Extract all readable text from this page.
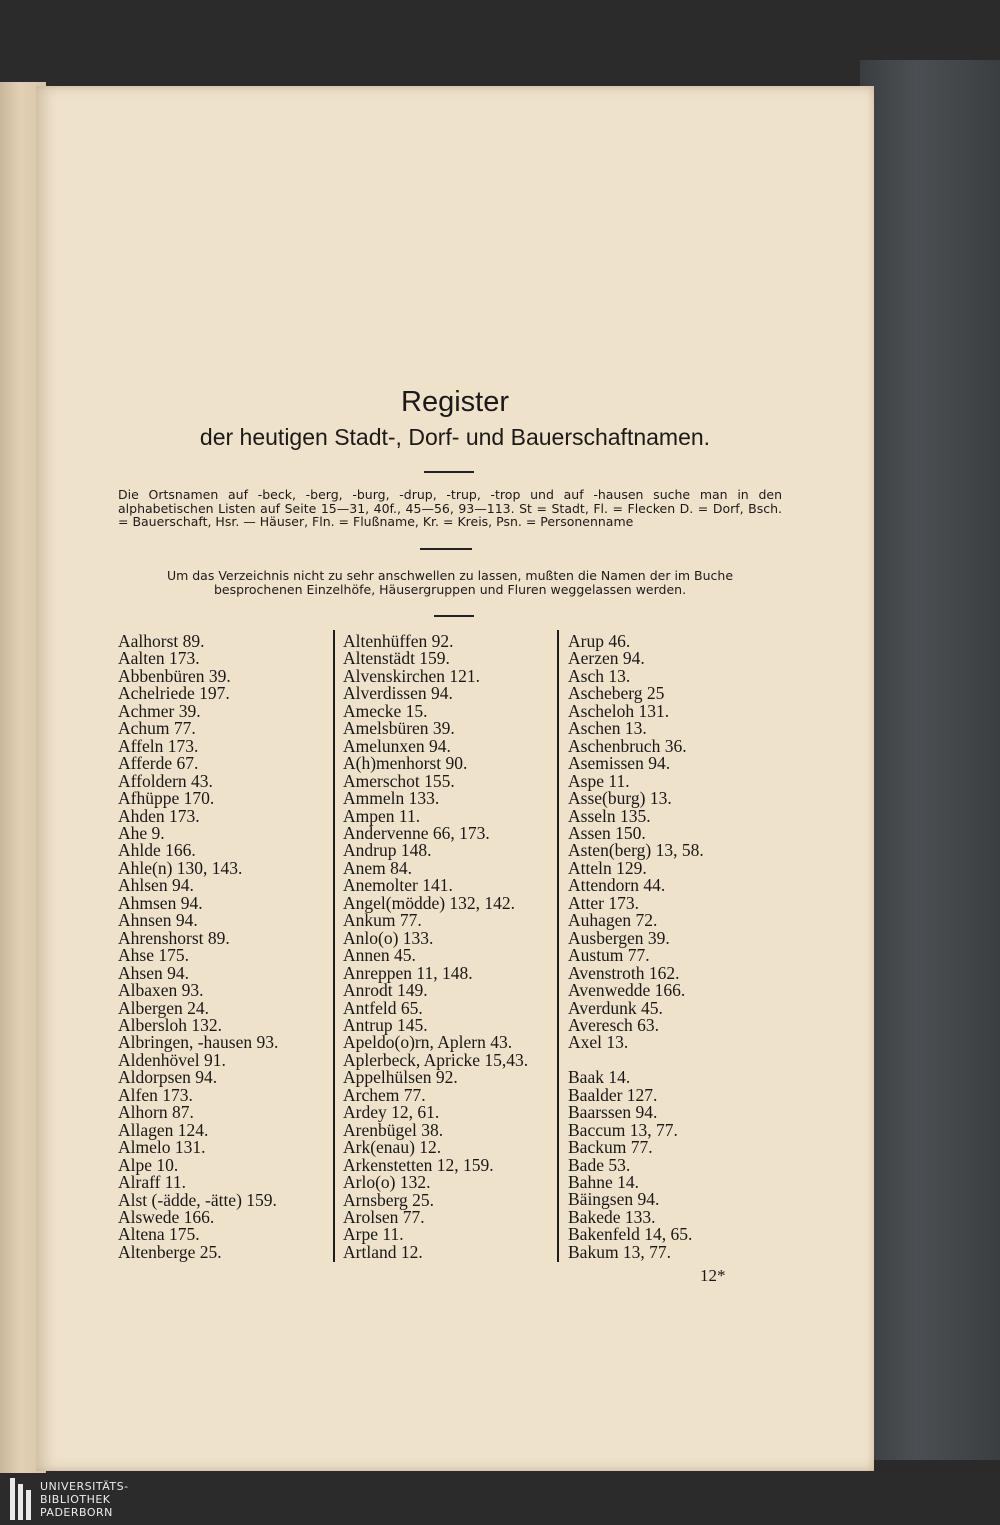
Register
der heutigen Stadt-, Dorf- und Bauerschaftnamen.
Die Ortsnamen auf -beck, -berg, -burg, -drup, -trup, -trop und auf -hausen suche man in den alphabetischen Listen auf Seite 15—31, 40f., 45—56, 93—113. St = Stadt, Fl. = Flecken D. = Dorf, Bsch. = Bauerschaft, Hsr. — Häuser, Fln. = Flußname, Kr. = Kreis, Psn. = Personenname
Um das Verzeichnis nicht zu sehr anschwellen zu lassen, mußten die Namen der im Buche besprochenen Einzelhöfe, Häusergruppen und Fluren weggelassen werden.
Aalhorst 89.
Aalten 173.
Abbenbüren 39.
Achelriede 197.
Achmer 39.
Achum 77.
Affeln 173.
Afferde 67.
Affoldern 43.
Afhüppe 170.
Ahden 173.
Ahe 9.
Ahlde 166.
Ahle(n) 130, 143.
Ahlsen 94.
Ahmsen 94.
Ahnsen 94.
Ahrenshorst 89.
Ahse 175.
Ahsen 94.
Albaxen 93.
Albergen 24.
Albersloh 132.
Albringen, -hausen 93.
Aldenhövel 91.
Aldorpsen 94.
Alfen 173.
Alhorn 87.
Allagen 124.
Almelo 131.
Alpe 10.
Alraff 11.
Alst (-ädde, -ätte) 159.
Alswede 166.
Altena 175.
Altenberge 25.
Altenhüffen 92.
Altenstädt 159.
Alvenskirchen 121.
Alverdissen 94.
Amecke 15.
Amelsbüren 39.
Amelunxen 94.
A(h)menhorst 90.
Amerschot 155.
Ammeln 133.
Ampen 11.
Andervenne 66, 173.
Andrup 148.
Anem 84.
Anemolter 141.
Angel(mödde) 132, 142.
Ankum 77.
Anlo(o) 133.
Annen 45.
Anreppen 11, 148.
Anrodt 149.
Antfeld 65.
Antrup 145.
Apeldo(o)rn, Aplern 43.
Aplerbeck, Apricke 15,43.
Appelhülsen 92.
Archem 77.
Ardey 12, 61.
Arenbügel 38.
Ark(enau) 12.
Arkenstetten 12, 159.
Arlo(o) 132.
Arnsberg 25.
Arolsen 77.
Arpe 11.
Artland 12.
Arup 46.
Aerzen 94.
Asch 13.
Ascheberg 25
Ascheloh 131.
Aschen 13.
Aschenbruch 36.
Asemissen 94.
Aspe 11.
Asse(burg) 13.
Asseln 135.
Assen 150.
Asten(berg) 13, 58.
Atteln 129.
Attendorn 44.
Atter 173.
Auhagen 72.
Ausbergen 39.
Austum 77.
Avenstroth 162.
Avenwedde 166.
Averdunk 45.
Averesch 63.
Axel 13.
Baak 14.
Baalder 127.
Baarssen 94.
Baccum 13, 77.
Backum 77.
Bade 53.
Bahne 14.
Bäingsen 94.
Bakede 133.
Bakenfeld 14, 65.
Bakum 13, 77.
12*
UNIVERSITÄTS-
BIBLIOTHEK
PADERBORN
